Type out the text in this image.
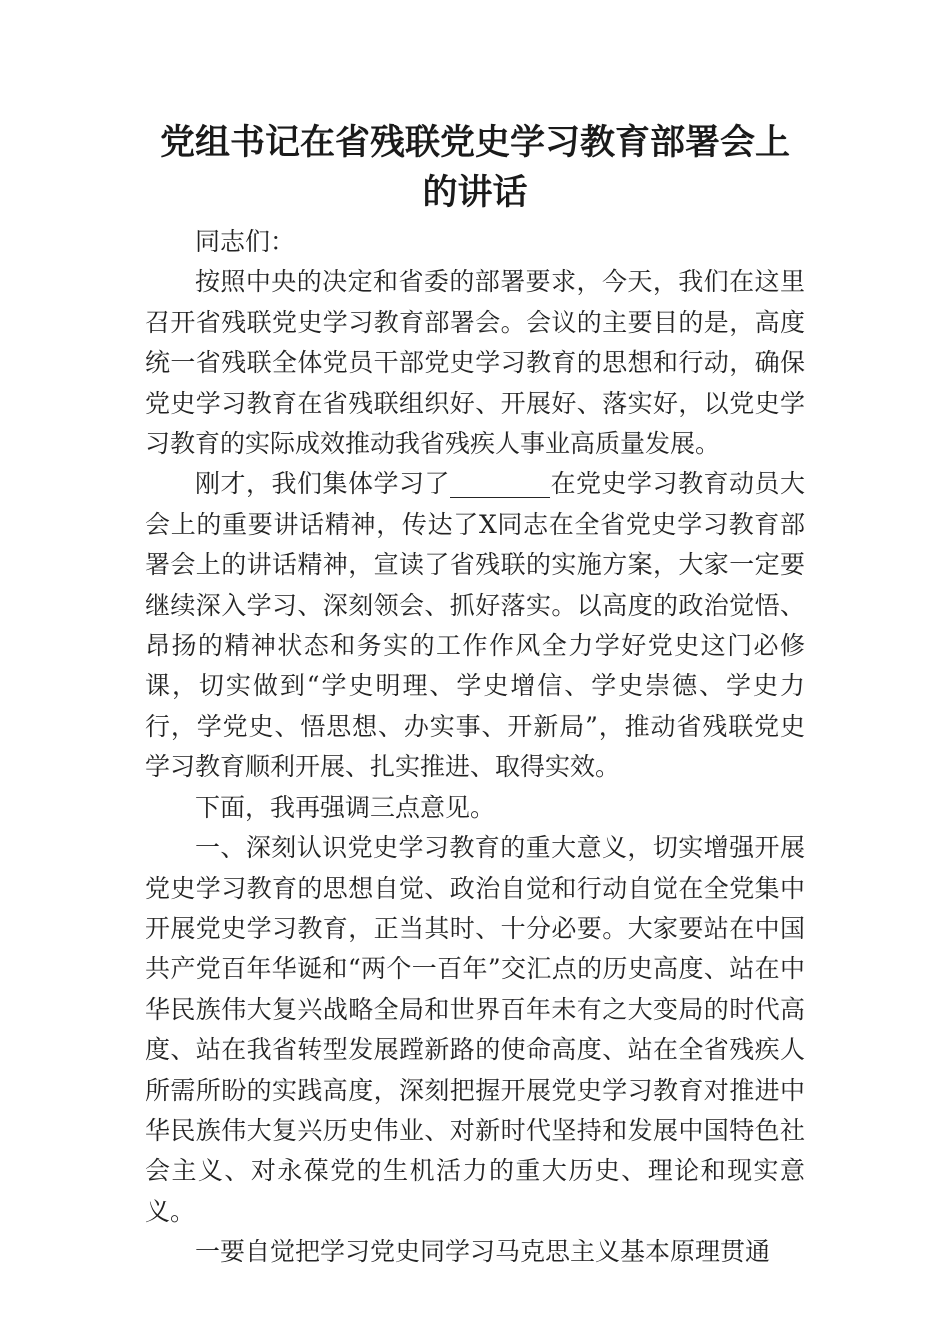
党组书记在省残联党史学习教育部署会上的讲话

同志们：

按照中央的决定和省委的部署要求，今天，我们在这里召开省残联党史学习教育部署会。会议的主要目的是，高度统一省残联全体党员干部党史学习教育的思想和行动，确保党史学习教育在省残联组织好、开展好、落实好，以党史学习教育的实际成效推动我省残疾人事业高质量发展。

刚才，我们集体学习了________在党史学习教育动员大会上的重要讲话精神，传达了X同志在全省党史学习教育部署会上的讲话精神，宣读了省残联的实施方案，大家一定要继续深入学习、深刻领会、抓好落实。以高度的政治觉悟、昂扬的精神状态和务实的工作作风全力学好党史这门必修课，切实做到“学史明理、学史增信、学史崇德、学史力行，学党史、悟思想、办实事、开新局”，推动省残联党史学习教育顺利开展、扎实推进、取得实效。

下面，我再强调三点意见。

一、深刻认识党史学习教育的重大意义，切实增强开展党史学习教育的思想自觉、政治自觉和行动自觉在全党集中开展党史学习教育，正当其时、十分必要。大家要站在中国共产党百年华诞和“两个一百年”交汇点的历史高度、站在中华民族伟大复兴战略全局和世界百年未有之大变局的时代高度、站在我省转型发展蹚新路的使命高度、站在全省残疾人所需所盼的实践高度，深刻把握开展党史学习教育对推进中华民族伟大复兴历史伟业、对新时代坚持和发展中国特色社会主义、对永葆党的生机活力的重大历史、理论和现实意义。

一要自觉把学习党史同学习马克思主义基本原理贯通
